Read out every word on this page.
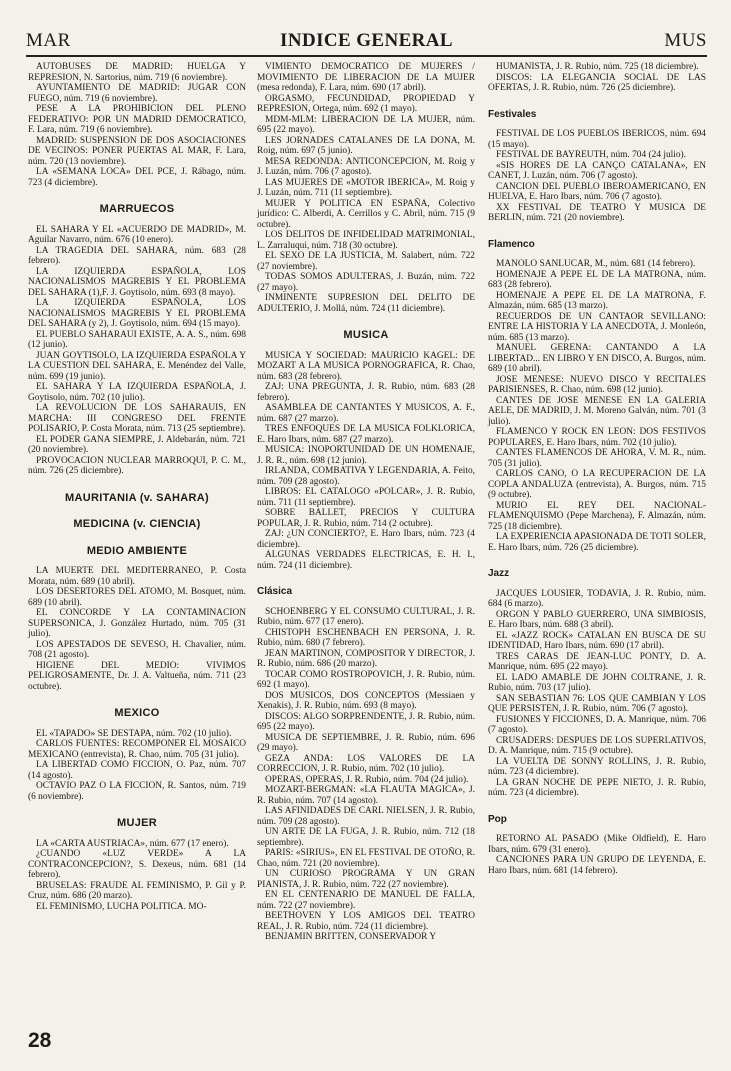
MAR	INDICE GENERAL	MUS

AUTOBUSES DE MADRID: HUELGA Y REPRESION, N. Sartorius, núm. 719 (6 noviembre).

AYUNTAMIENTO DE MADRID: JUGAR CON FUEGO, núm. 719 (6 noviembre).

PESE A LA PROHIBICION DEL PLENO FEDERATIVO: POR UN MADRID DEMOCRATICO, F. Lara, núm. 719 (6 noviembre).

MADRID: SUSPENSION DE DOS ASOCIACIONES DE VECINOS: PONER PUERTAS AL MAR, F. Lara, núm. 720 (13 noviembre).

LA «SEMANA LOCA» DEL PCE, J. Rábago, núm. 723 (4 diciembre).

MARRUECOS

EL SAHARA Y EL «ACUERDO DE MADRID», M. Aguilar Navarro, núm. 676 (10 enero).

LA TRAGEDIA DEL SAHARA, núm. 683 (28 febrero).

LA IZQUIERDA ESPAÑOLA, LOS NACIONALISMOS MAGREBIS Y EL PROBLEMA DEL SAHARA (1),F. J. Goytisolo, núm. 693 (8 mayo).

LA IZQUIERDA ESPAÑOLA, LOS NACIONALISMOS MAGREBIS Y EL PROBLEMA DEL SAHARA (y 2), J. Goytisolo, núm. 694 (15 mayo).

EL PUEBLO SAHARAUI EXISTE, A. A. S., núm. 698 (12 junio).

JUAN GOYTISOLO, LA IZQUIERDA ESPAÑOLA Y LA CUESTION DEL SAHARA, E. Menéndez del Valle, núm. 699 (19 junio).

EL SAHARA Y LA IZQUIERDA ESPAÑOLA, J. Goytisolo, núm. 702 (10 julio).

LA REVOLUCION DE LOS SAHARAUIS, EN MARCHA: III CONGRESO DEL FRENTE POLISARIO, P. Costa Morata, núm. 713 (25 septiembre).

EL PODER GANA SIEMPRE, J. Aldebarán, núm. 721 (20 noviembre).

PROVOCACION NUCLEAR MARROQUI, P. C. M., núm. 726 (25 diciembre).

MAURITANIA (v. SAHARA)

MEDICINA (v. CIENCIA)

MEDIO AMBIENTE

LA MUERTE DEL MEDITERRANEO, P. Costa Morata, núm. 689 (10 abril).

LOS DESERTORES DEL ATOMO, M. Bosquet, núm. 689 (10 abril).

EL CONCORDE Y LA CONTAMINACION SUPERSONICA, J. González Hurtado, núm. 705 (31 julio).

LOS APESTADOS DE SEVESO, H. Chavalier, núm. 708 (21 agosto).

HIGIENE DEL MEDIO: VIVIMOS PELIGROSAMENTE, Dr. J. A. Valtueña, núm. 711 (23 octubre).

MEXICO

EL «TAPADO» SE DESTAPA, núm. 702 (10 julio).

CARLOS FUENTES: RECOMPONER EL MOSAICO MEXICANO (entrevista), R. Chao, núm. 705 (31 julio).

LA LIBERTAD COMO FICCION, O. Paz, núm. 707 (14 agosto).

OCTAVIO PAZ O LA FICCION, R. Santos, núm. 719 (6 noviembre).

MUJER

LA «CARTA AUSTRIACA», núm. 677 (17 enero).

¿CUANDO «LUZ VERDE» A LA CONTRACONCEPCION?, S. Dexeus, núm. 681 (14 febrero).

BRUSELAS: FRAUDE AL FEMINISMO, P. Gil y P. Cruz, núm. 686 (20 marzo).

EL FEMINISMO, LUCHA POLITICA. MO-

VIMIENTO DEMOCRATICO DE MUJERES / MOVIMIENTO DE LIBERACION DE LA MUJER (mesa redonda), F. Lara, núm. 690 (17 abril).

ORGASMO, FECUNDIDAD, PROPIEDAD Y REPRESION, Ortega, núm. 692 (1 mayo).

MDM-MLM: LIBERACION DE LA MUJER, núm. 695 (22 mayo).

LES JORNADES CATALANES DE LA DONA, M. Roig, núm. 697 (5 junio).

MESA REDONDA: ANTICONCEPCION, M. Roig y J. Luzán, núm. 706 (7 agosto).

LAS MUJERES DE «MOTOR IBERICA», M. Roig y J. Luzán, núm. 711 (11 septiembre).

MUJER Y POLITICA EN ESPAÑA, Colectivo jurídico: C. Alberdi, A. Cerrillos y C. Abril, núm. 715 (9 octubre).

LOS DELITOS DE INFIDELIDAD MATRIMONIAL, L. Zarraluqui, núm. 718 (30 octubre).

EL SEXO DE LA JUSTICIA, M. Salabert, núm. 722 (27 noviembre).

TODAS SOMOS ADULTERAS, J. Buzán, núm. 722 (27 mayo).

INMINENTE SUPRESION DEL DELITO DE ADULTERIO, J. Mollá, núm. 724 (11 diciembre).

MUSICA

MUSICA Y SOCIEDAD: MAURICIO KAGEL: DE MOZART A LA MUSICA PORNOGRAFICA, R. Chao, núm. 683 (28 febrero).

ZAJ: UNA PREGUNTA, J. R. Rubio, núm. 683 (28 febrero).

ASAMBLEA DE CANTANTES Y MUSICOS, A. F., núm. 687 (27 marzo).

TRES ENFOQUES DE LA MUSICA FOLKLORICA, E. Haro Ibars, núm. 687 (27 marzo).

MUSICA: INOPORTUNIDAD DE UN HOMENAJE, J. R. R., núm. 698 (12 junio).

IRLANDA, COMBATIVA Y LEGENDARIA, A. Feito, núm. 709 (28 agosto).

LIBROS: EL CATALOGO «POLCAR», J. R. Rubio, núm. 711 (11 septiembre).

SOBRE BALLET, PRECIOS Y CULTURA POPULAR, J. R. Rubio, núm. 714 (2 octubre).

ZAJ: ¿UN CONCIERTO?, E. Haro Ibars, núm. 723 (4 diciembre).

ALGUNAS VERDADES ELECTRICAS, E. H. I., núm. 724 (11 diciembre).

Clásica

SCHOENBERG Y EL CONSUMO CULTURAL, J. R. Rubio, núm. 677 (17 enero).

CHISTOPH ESCHENBACH EN PERSONA, J. R. Rubio, núm. 680 (7 febrero).

JEAN MARTINON, COMPOSITOR Y DIRECTOR, J. R. Rubio, núm. 686 (20 marzo).

TOCAR COMO ROSTROPOVICH, J. R. Rubio, núm. 692 (1 mayo).

DOS MUSICOS, DOS CONCEPTOS (Messiaen y Xenakis), J. R. Rubio, núm. 693 (8 mayo).

DISCOS: ALGO SORPRENDENTE, J. R. Rubio, núm. 695 (22 mayo).

MUSICA DE SEPTIEMBRE, J. R. Rubio, núm. 696 (29 mayo).

GEZA ANDA: LOS VALORES DE LA CORRECCION, J. R. Rubio, núm. 702 (10 julio).

OPERAS, OPERAS, J. R. Rubio, núm. 704 (24 julio).

MOZART-BERGMAN: «LA FLAUTA MAGICA», J. R. Rubio, núm. 707 (14 agosto).

LAS AFINIDADES DE CARL NIELSEN, J. R. Rubio, núm. 709 (28 agosto).

UN ARTE DE LA FUGA, J. R. Rubio, núm. 712 (18 septiembre).

PARIS: «SIRIUS», EN EL FESTIVAL DE OTOÑO, R. Chao, núm. 721 (20 noviembre).

UN CURIOSO PROGRAMA Y UN GRAN PIANISTA, J. R. Rubio, núm. 722 (27 noviembre).

EN EL CENTENARIO DE MANUEL DE FALLA, núm. 722 (27 noviembre).

BEETHOVEN Y LOS AMIGOS DEL TEATRO REAL, J. R. Rubio, núm. 724 (11 diciembre).

BENJAMIN BRITTEN, CONSERVADOR Y

HUMANISTA, J. R. Rubio, núm. 725 (18 diciembre).

DISCOS: LA ELEGANCIA SOCIAL DE LAS OFERTAS, J. R. Rubio, núm. 726 (25 diciembre).

Festivales

FESTIVAL DE LOS PUEBLOS IBERICOS, núm. 694 (15 mayo).

FESTIVAL DE BAYREUTH, núm. 704 (24 julio).

«SIS HORES DE LA CANÇO CATALANA», EN CANET, J. Luzán, núm. 706 (7 agosto).

CANCION DEL PUEBLO IBEROAMERICANO, EN HUELVA, E. Haro Ibars, núm. 706 (7 agosto).

XX FESTIVAL DE TEATRO Y MUSICA DE BERLIN, núm. 721 (20 noviembre).

Flamenco

MANOLO SANLUCAR, M., núm. 681 (14 febrero).

HOMENAJE A PEPE EL DE LA MATRONA, núm. 683 (28 febrero).

HOMENAJE A PEPE EL DE LA MATRONA, F. Almazán, núm. 685 (13 marzo).

RECUERDOS DE UN CANTAOR SEVILLANO: ENTRE LA HISTORIA Y LA ANECDOTA, J. Monleón, núm. 685 (13 marzo).

MANUEL GERENA: CANTANDO A LA LIBERTAD... EN LIBRO Y EN DISCO, A. Burgos, núm. 689 (10 abril).

JOSE MENESE: NUEVO DISCO Y RECITALES PARISIENSES, R. Chao, núm. 698 (12 junio).

CANTES DE JOSE MENESE EN LA GALERIA AELE, DE MADRID, J. M. Moreno Galván, núm. 701 (3 julio).

FLAMENCO Y ROCK EN LEON: DOS FESTIVOS POPULARES, E. Haro Ibars, núm. 702 (10 julio).

CANTES FLAMENCOS DE AHORA, V. M. R., núm. 705 (31 julio).

CARLOS CANO, O LA RECUPERACION DE LA COPLA ANDALUZA (entrevista), A. Burgos, núm. 715 (9 octubre).

MURIO EL REY DEL NACIONAL-FLAMENQUISMO (Pepe Marchena), F. Almazán, núm. 725 (18 diciembre).

LA EXPERIENCIA APASIONADA DE TOTI SOLER, E. Haro Ibars, núm. 726 (25 diciembre).

Jazz

JACQUES LOUSIER, TODAVIA, J. R. Rubio, núm. 684 (6 marzo).

ORGON Y PABLO GUERRERO, UNA SIMBIOSIS, E. Haro Ibars, núm. 688 (3 abril).

EL «JAZZ ROCK» CATALAN EN BUSCA DE SU IDENTIDAD, Haro Ibars, núm. 690 (17 abril).

TRES CARAS DE JEAN-LUC PONTY, D. A. Manrique, núm. 695 (22 mayo).

EL LADO AMABLE DE JOHN COLTRANE, J. R. Rubio, núm. 703 (17 julio).

SAN SEBASTIAN 76: LOS QUE CAMBIAN Y LOS QUE PERSISTEN, J. R. Rubio, núm. 706 (7 agosto).

FUSIONES Y FICCIONES, D. A. Manrique, núm. 706 (7 agosto).

CRUSADERS: DESPUES DE LOS SUPERLATIVOS, D. A. Manrique, núm. 715 (9 octubre).

LA VUELTA DE SONNY ROLLINS, J. R. Rubio, núm. 723 (4 diciembre).

LA GRAN NOCHE DE PEPE NIETO, J. R. Rubio, núm. 723 (4 diciembre).

Pop

RETORNO AL PASADO (Mike Oldfield), E. Haro Ibars, núm. 679 (31 enero).

CANCIONES PARA UN GRUPO DE LEYENDA, E. Haro Ibars, núm. 681 (14 febrero).

28
